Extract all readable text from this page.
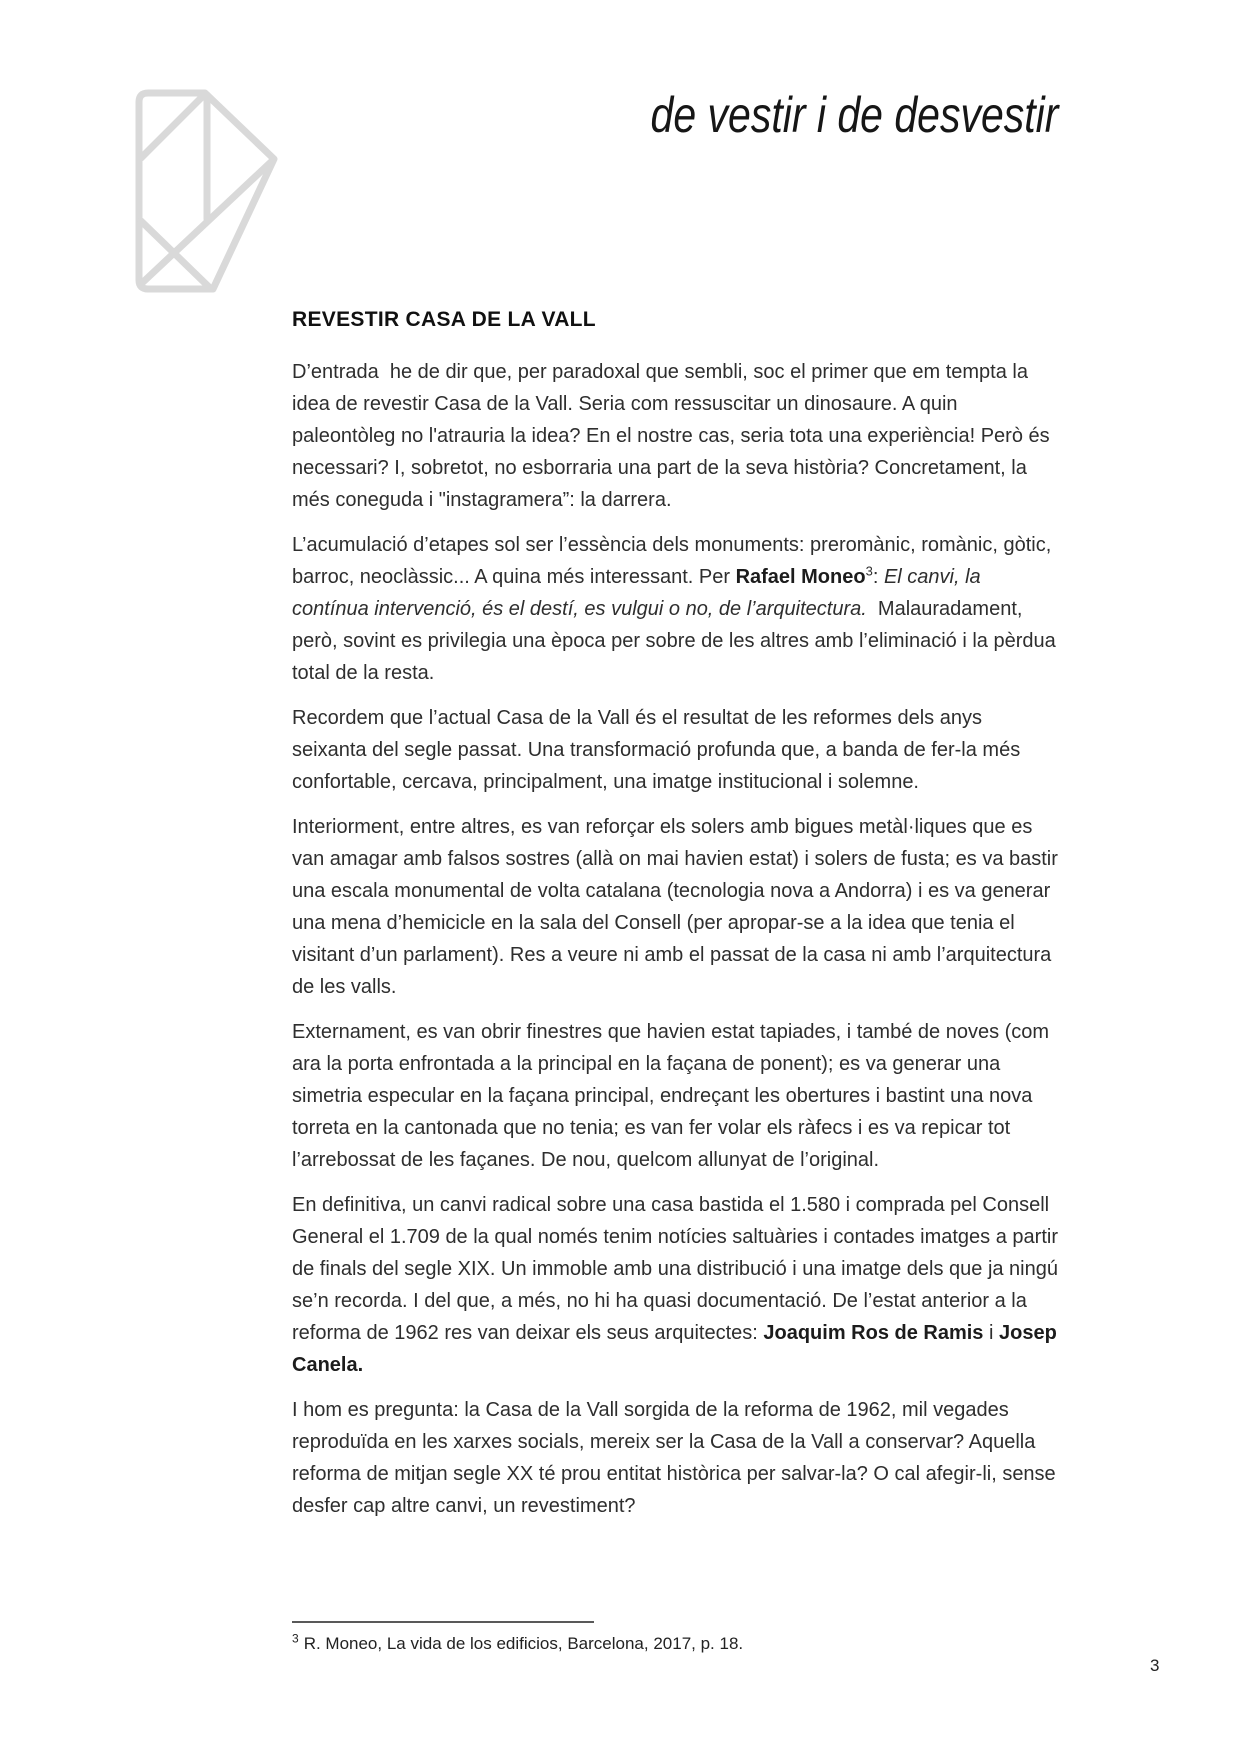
de vestir i de desvestir
REVESTIR CASA DE LA VALL

D’entrada  he de dir que, per paradoxal que sembli, soc el primer que em tempta la idea de revestir Casa de la Vall. Seria com ressuscitar un dinosaure. A quin paleontòleg no l'atrauria la idea? En el nostre cas, seria tota una experiència! Però és necessari? I, sobretot, no esborraria una part de la seva història? Concretament, la més coneguda i "instagramera”: la darrera.

L’acumulació d’etapes sol ser l’essència dels monuments: preromànic, romànic, gòtic, barroc, neoclàssic... A quina més interessant. Per Rafael Moneo$^3$: El canvi, la contínua intervenció, és el destí, es vulgui o no, de l’arquitectura.  Malauradament, però, sovint es privilegia una època per sobre de les altres amb l’eliminació i la pèrdua total de la resta.

Recordem que l’actual Casa de la Vall és el resultat de les reformes dels anys seixanta del segle passat. Una transformació profunda que, a banda de fer-la més confortable, cercava, principalment, una imatge institucional i solemne.

Interiorment, entre altres, es van reforçar els solers amb bigues metàl·liques que es van amagar amb falsos sostres (allà on mai havien estat) i solers de fusta; es va bastir una escala monumental de volta catalana (tecnologia nova a Andorra) i es va generar una mena d’hemicicle en la sala del Consell (per apropar-se a la idea que tenia el visitant d’un parlament). Res a veure ni amb el passat de la casa ni amb l’arquitectura de les valls.

Externament, es van obrir finestres que havien estat tapiades, i també de noves (com ara la porta enfrontada a la principal en la façana de ponent); es va generar una simetria especular en la façana principal, endreçant les obertures i bastint una nova torreta en la cantonada que no tenia; es van fer volar els ràfecs i es va repicar tot l’arrebossat de les façanes. De nou, quelcom allunyat de l’original.

En definitiva, un canvi radical sobre una casa bastida el 1.580 i comprada pel Consell General el 1.709 de la qual només tenim notícies saltuàries i contades imatges a partir de finals del segle XIX. Un immoble amb una distribució i una imatge dels que ja ningú se’n recorda. I del que, a més, no hi ha quasi documentació. De l’estat anterior a la reforma de 1962 res van deixar els seus arquitectes: Joaquim Ros de Ramis i Josep Canela.

I hom es pregunta: la Casa de la Vall sorgida de la reforma de 1962, mil vegades reproduïda en les xarxes socials, mereix ser la Casa de la Vall a conservar? Aquella reforma de mitjan segle XX té prou entitat històrica per salvar-la? O cal afegir-li, sense desfer cap altre canvi, un revestiment?

$^3$ R. Moneo, La vida de los edificios, Barcelona, 2017, p. 18.
3
